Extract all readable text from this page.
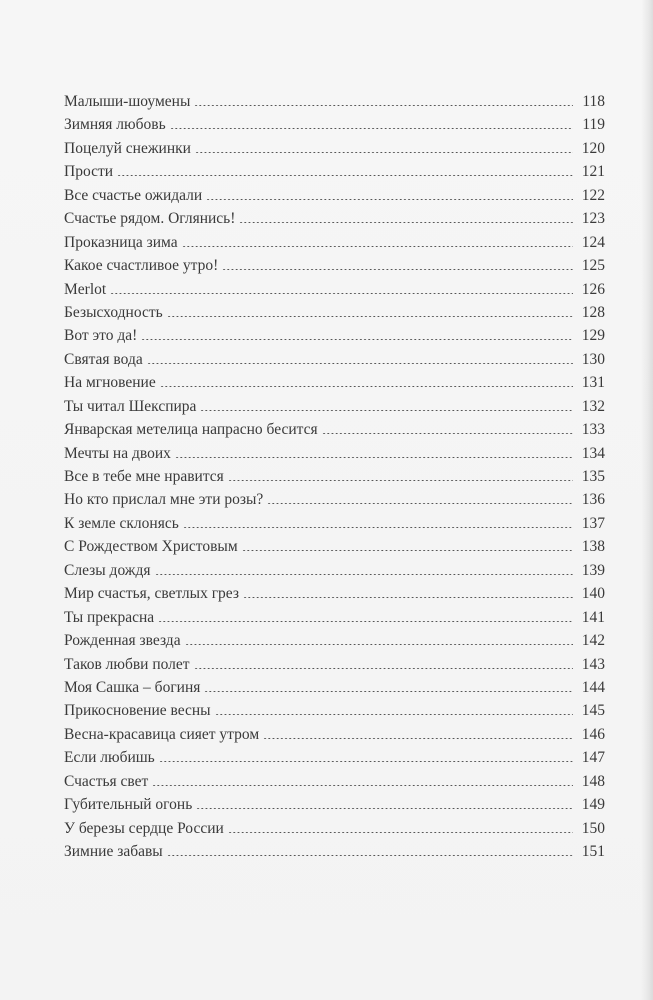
Малыши-шоумены	118
Зимняя любовь	119
Поцелуй снежинки	120
Прости	121
Все счастье ожидали	122
Счастье рядом. Оглянись!	123
Проказница зима	124
Какое счастливое утро!	125
Merlot	126
Безысходность	128
Вот это да!	129
Святая вода	130
На мгновение	131
Ты читал Шекспира	132
Январская метелица напрасно бесится	133
Мечты на двоих	134
Все в тебе мне нравится	135
Но кто прислал мне эти розы?	136
К земле склонясь	137
С Рождеством Христовым	138
Слезы дождя	139
Мир счастья, светлых грез	140
Ты прекрасна	141
Рожденная звезда	142
Таков любви полет	143
Моя Сашка – богиня	144
Прикосновение весны	145
Весна-красавица сияет утром	146
Если любишь	147
Счастья свет	148
Губительный огонь	149
У березы сердце России	150
Зимние забавы	151
